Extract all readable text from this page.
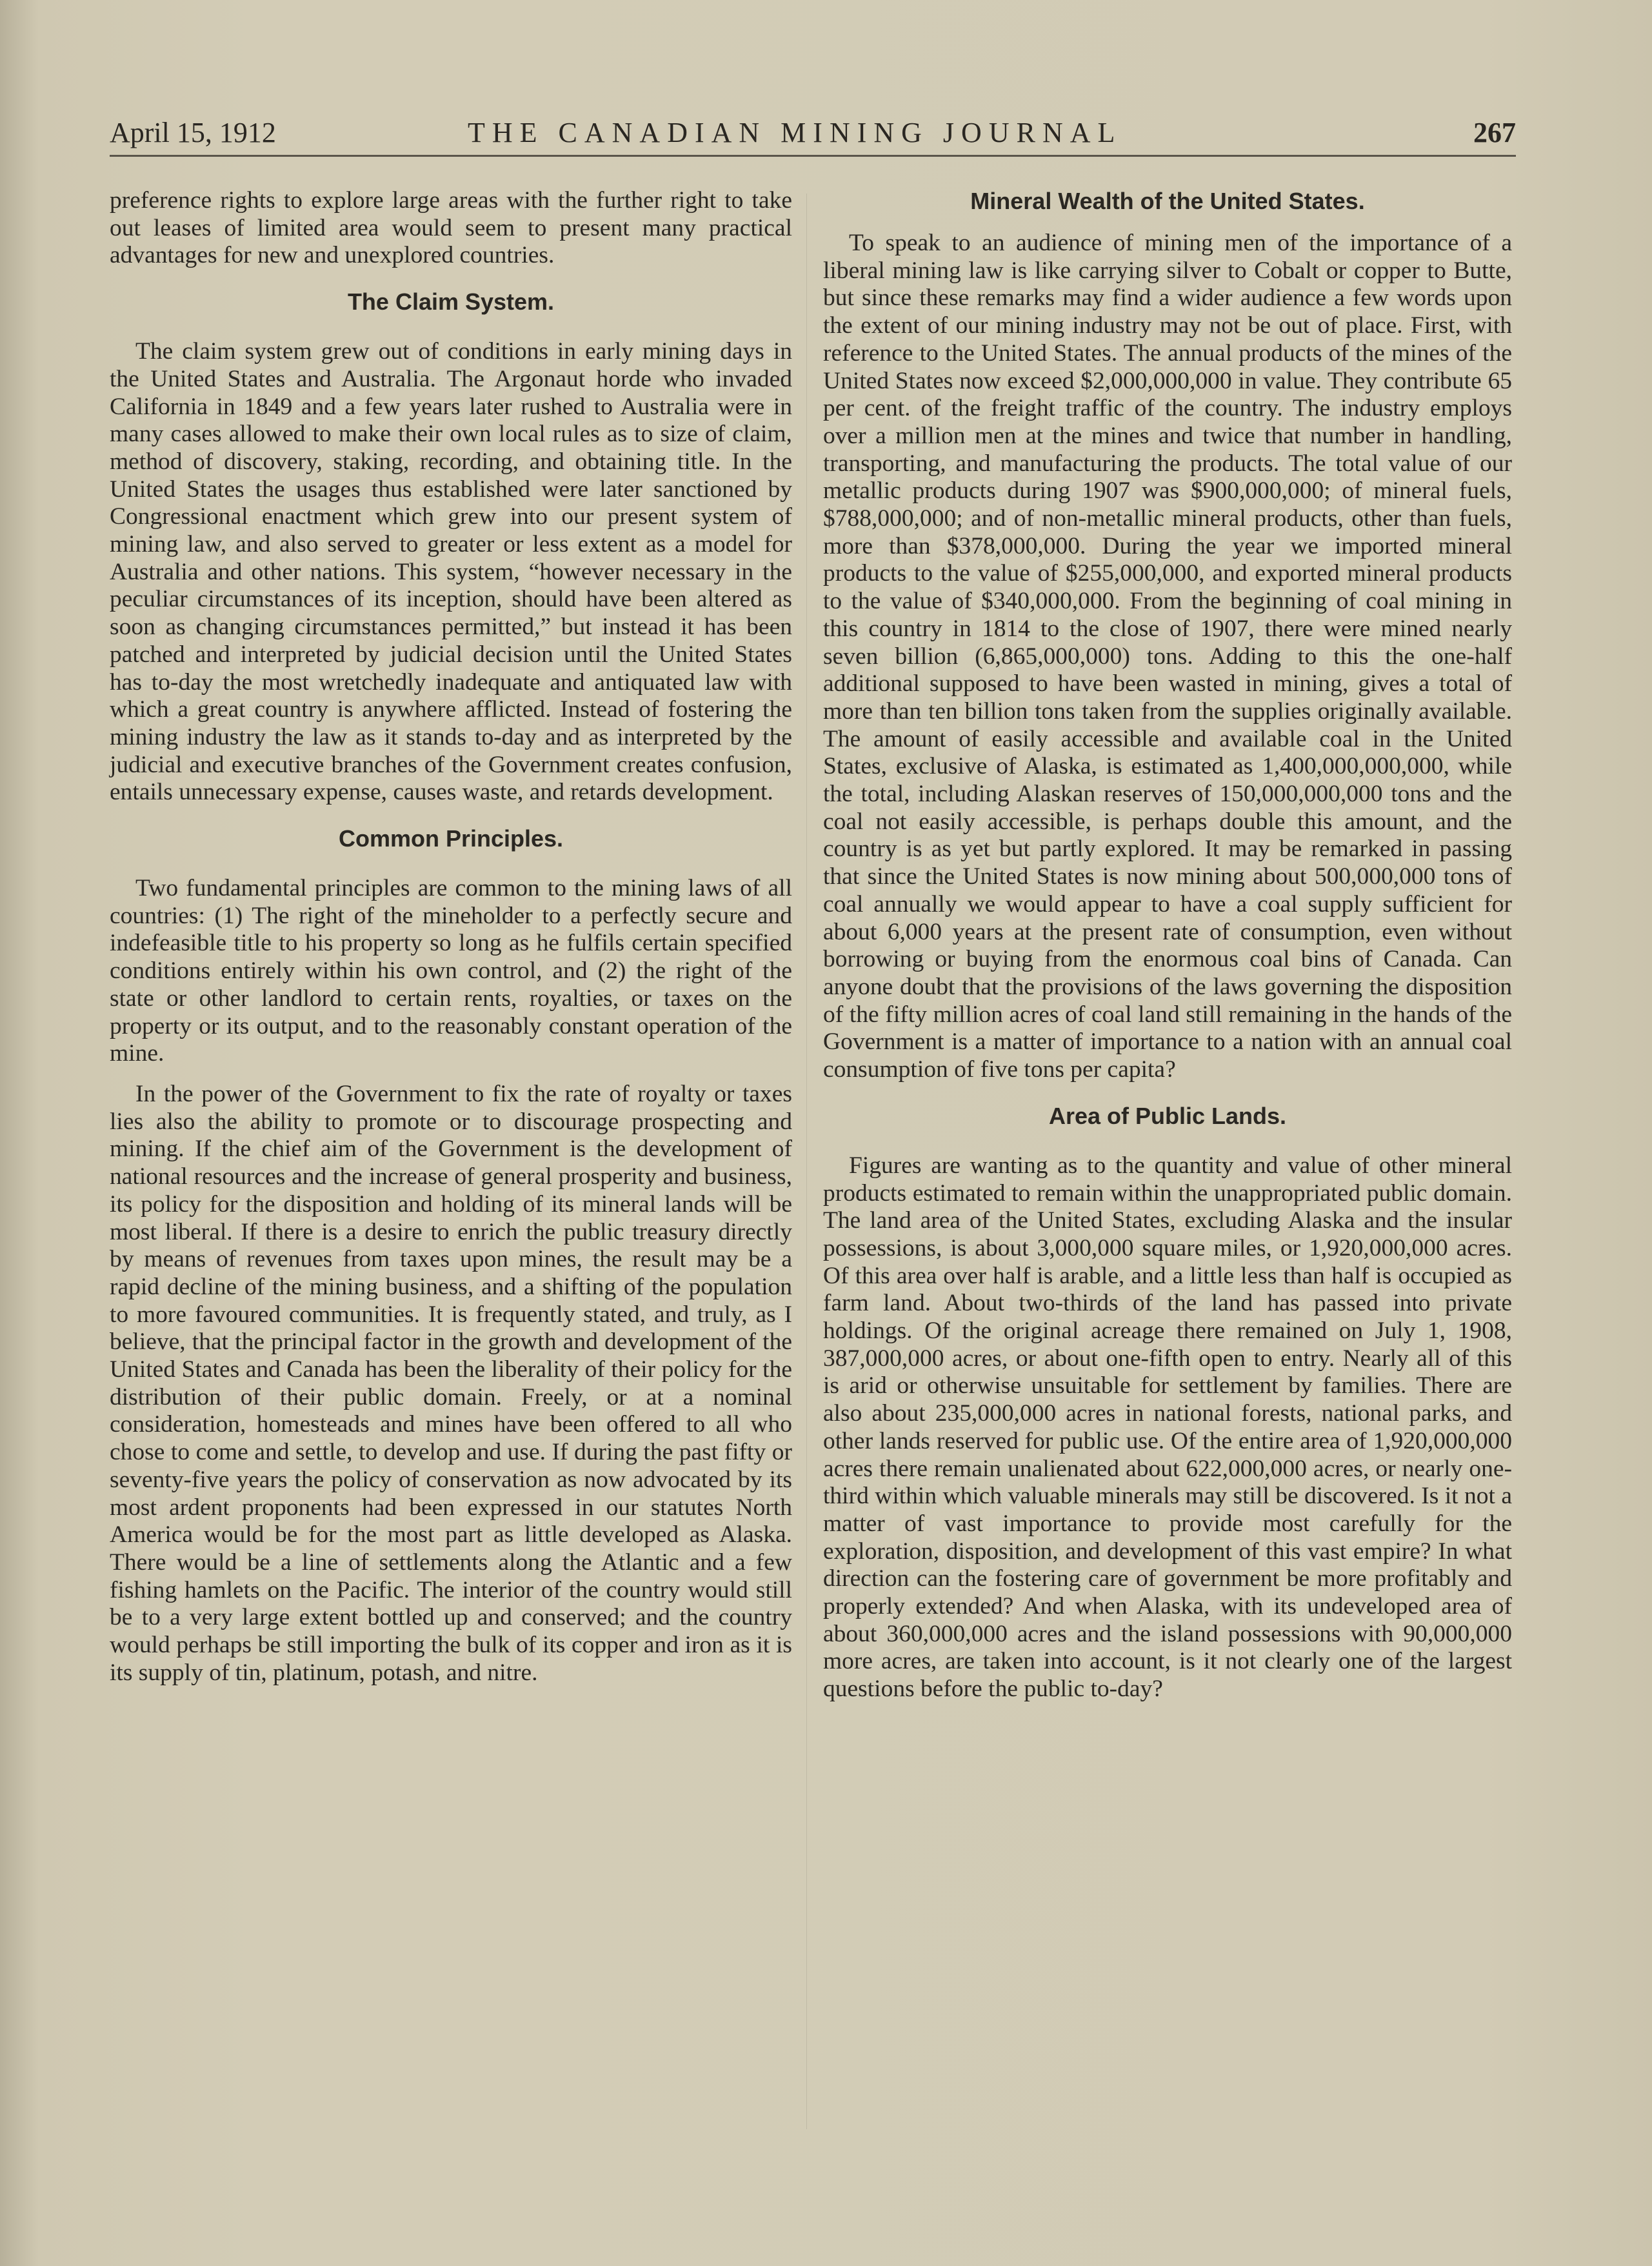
April 15, 1912	THE CANADIAN MINING JOURNAL	267

preference rights to explore large areas with the further right to take out leases of limited area would seem to present many practical advantages for new and unexplored countries.

The Claim System.

The claim system grew out of conditions in early mining days in the United States and Australia. The Argonaut horde who invaded California in 1849 and a few years later rushed to Australia were in many cases allowed to make their own local rules as to size of claim, method of discovery, staking, recording, and obtaining title. In the United States the usages thus established were later sanctioned by Congressional enactment which grew into our present system of mining law, and also served to greater or less extent as a model for Australia and other nations. This system, “however necessary in the peculiar circumstances of its inception, should have been altered as soon as changing circumstances permitted,” but instead it has been patched and interpreted by judicial decision until the United States has to-day the most wretchedly inadequate and antiquated law with which a great country is anywhere afflicted. Instead of fostering the mining industry the law as it stands to-day and as interpreted by the judicial and executive branches of the Government creates confusion, entails unnecessary expense, causes waste, and retards development.

Common Principles.

Two fundamental principles are common to the mining laws of all countries: (1) The right of the mineholder to a perfectly secure and indefeasible title to his property so long as he fulfils certain specified conditions entirely within his own control, and (2) the right of the state or other landlord to certain rents, royalties, or taxes on the property or its output, and to the reasonably constant operation of the mine.

In the power of the Government to fix the rate of royalty or taxes lies also the ability to promote or to discourage prospecting and mining. If the chief aim of the Government is the development of national resources and the increase of general prosperity and business, its policy for the disposition and holding of its mineral lands will be most liberal. If there is a desire to enrich the public treasury directly by means of revenues from taxes upon mines, the result may be a rapid decline of the mining business, and a shifting of the population to more favoured communities. It is frequently stated, and truly, as I believe, that the principal factor in the growth and development of the United States and Canada has been the liberality of their policy for the distribution of their public domain. Freely, or at a nominal consideration, homesteads and mines have been offered to all who chose to come and settle, to develop and use. If during the past fifty or seventy-five years the policy of conservation as now advocated by its most ardent proponents had been expressed in our statutes North America would be for the most part as little developed as Alaska. There would be a line of settlements along the Atlantic and a few fishing hamlets on the Pacific. The interior of the country would still be to a very large extent bottled up and conserved; and the country would perhaps be still importing the bulk of its copper and iron as it is its supply of tin, platinum, potash, and nitre.

Mineral Wealth of the United States.

To speak to an audience of mining men of the importance of a liberal mining law is like carrying silver to Cobalt or copper to Butte, but since these remarks may find a wider audience a few words upon the extent of our mining industry may not be out of place. First, with reference to the United States. The annual products of the mines of the United States now exceed $2,000,000,000 in value. They contribute 65 per cent. of the freight traffic of the country. The industry employs over a million men at the mines and twice that number in handling, transporting, and manufacturing the products. The total value of our metallic products during 1907 was $900,000,000; of mineral fuels, $788,000,000; and of non-metallic mineral products, other than fuels, more than $378,000,000. During the year we imported mineral products to the value of $255,000,000, and exported mineral products to the value of $340,000,000. From the beginning of coal mining in this country in 1814 to the close of 1907, there were mined nearly seven billion (6,865,000,000) tons. Adding to this the one-half additional supposed to have been wasted in mining, gives a total of more than ten billion tons taken from the supplies originally available. The amount of easily accessible and available coal in the United States, exclusive of Alaska, is estimated as 1,400,000,000,000, while the total, including Alaskan reserves of 150,000,000,000 tons and the coal not easily accessible, is perhaps double this amount, and the country is as yet but partly explored. It may be remarked in passing that since the United States is now mining about 500,000,000 tons of coal annually we would appear to have a coal supply sufficient for about 6,000 years at the present rate of consumption, even without borrowing or buying from the enormous coal bins of Canada. Can anyone doubt that the provisions of the laws governing the disposition of the fifty million acres of coal land still remaining in the hands of the Government is a matter of importance to a nation with an annual coal consumption of five tons per capita?

Area of Public Lands.

Figures are wanting as to the quantity and value of other mineral products estimated to remain within the unappropriated public domain. The land area of the United States, excluding Alaska and the insular possessions, is about 3,000,000 square miles, or 1,920,000,000 acres. Of this area over half is arable, and a little less than half is occupied as farm land. About two-thirds of the land has passed into private holdings. Of the original acreage there remained on July 1, 1908, 387,000,000 acres, or about one-fifth open to entry. Nearly all of this is arid or otherwise unsuitable for settlement by families. There are also about 235,000,000 acres in national forests, national parks, and other lands reserved for public use. Of the entire area of 1,920,000,000 acres there remain unalienated about 622,000,000 acres, or nearly one-third within which valuable minerals may still be discovered. Is it not a matter of vast importance to provide most carefully for the exploration, disposition, and development of this vast empire? In what direction can the fostering care of government be more profitably and properly extended? And when Alaska, with its undeveloped area of about 360,000,000 acres and the island possessions with 90,000,000 more acres, are taken into account, is it not clearly one of the largest questions before the public to-day?
